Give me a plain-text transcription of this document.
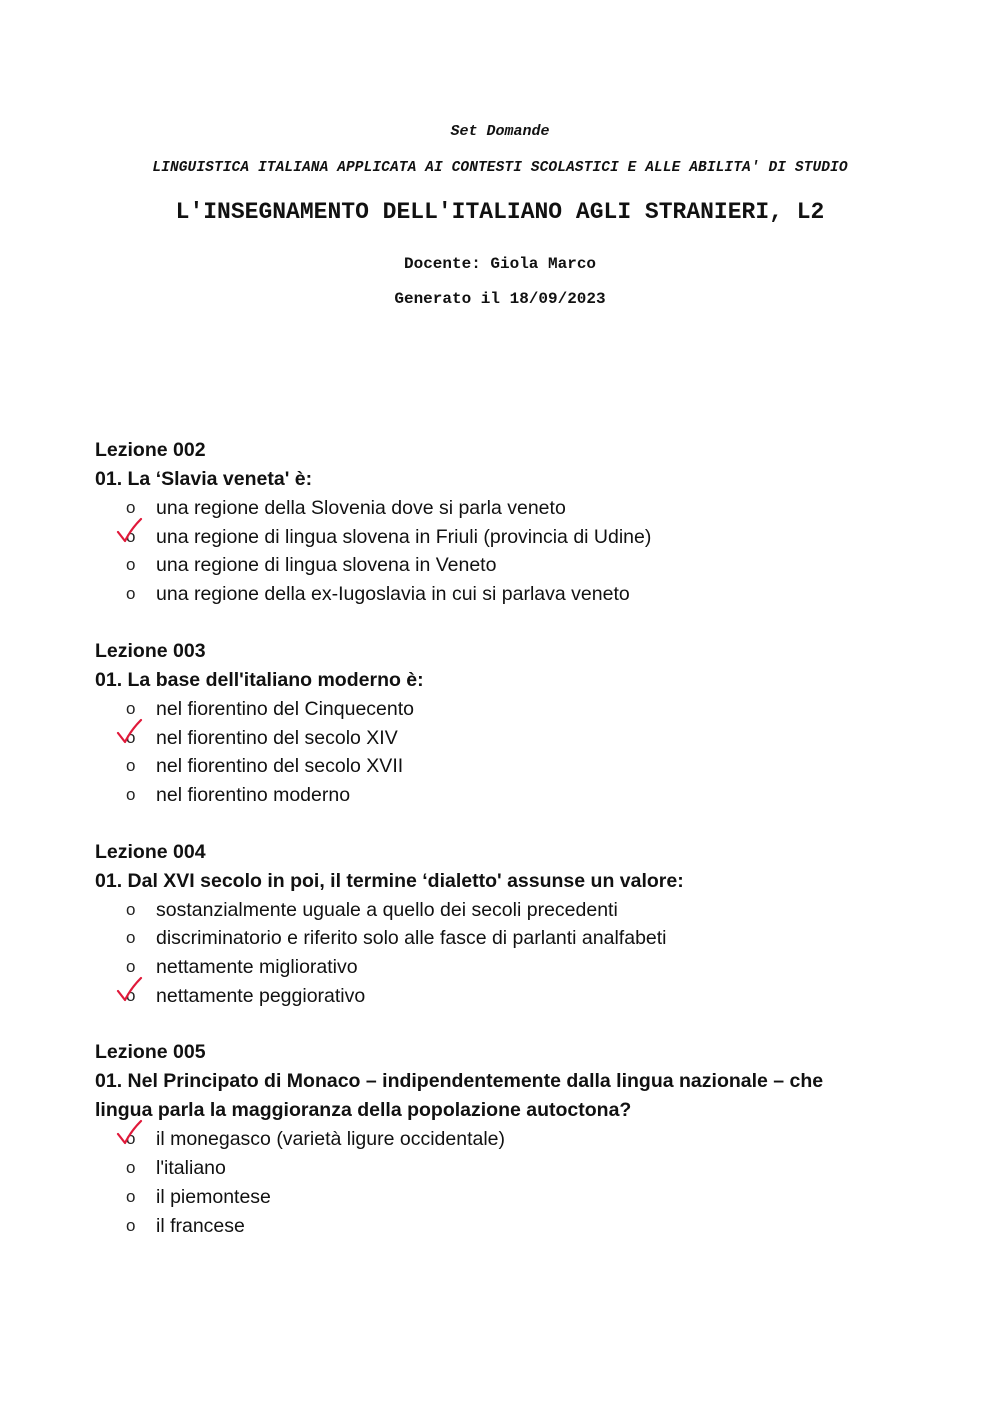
Set Domande
LINGUISTICA ITALIANA APPLICATA AI CONTESTI SCOLASTICI E ALLE ABILITA' DI STUDIO
L'INSEGNAMENTO DELL'ITALIANO AGLI STRANIERI, L2
Docente: Giola Marco
Generato il 18/09/2023
Lezione 002
01. La ‘Slavia veneta' è:
o una regione della Slovenia dove si parla veneto
o una regione di lingua slovena in Friuli (provincia di Udine)
o una regione di lingua slovena in Veneto
o una regione della ex-Iugoslavia in cui si parlava veneto
Lezione 003
01. La base dell'italiano moderno è:
o nel fiorentino del Cinquecento
o nel fiorentino del secolo XIV
o nel fiorentino del secolo XVII
o nel fiorentino moderno
Lezione 004
01. Dal XVI secolo in poi, il termine ‘dialetto' assunse un valore:
o sostanzialmente uguale a quello dei secoli precedenti
o discriminatorio e riferito solo alle fasce di parlanti analfabeti
o nettamente migliorativo
o nettamente peggiorativo
Lezione 005
01. Nel Principato di Monaco – indipendentemente dalla lingua nazionale – che lingua parla la maggioranza della popolazione autoctona?
o il monegasco (varietà ligure occidentale)
o l'italiano
o il piemontese
o il francese
